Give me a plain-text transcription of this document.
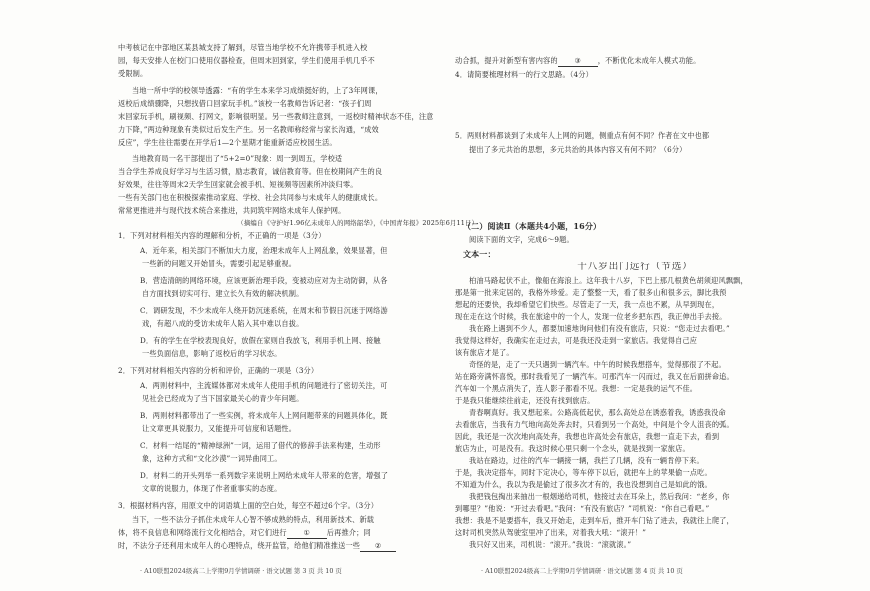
中考核记在中部地区某县城支持了解到，尽管当地学校不允许携带手机进入校
园，每天安排人在校门口使用仪器检查，但周末回到家，学生们使用手机几乎不
受限制。
当地一所中学的校领导透露：“有的学生本来学习成绩挺好的，上了3年网课，
返校后成绩骤降，只想找借口回家玩手机。”该校一名教师告诉记者：“孩子们周
末回家玩手机，刷视频、打网文，影响很明显。另一些教师注意到，一返校时精神状态不佳，注意
力下降，”两边种现象有类似过后发生产生。另一名教师称经常与家长沟通，“成效
反应”，学生往往需要在开学后1—2个星期才能重新适应校园生活。
当地教育局一名干部提出了“5+2=0”现象：周一到周五，学校适
当合学生养成良好学习与生活习惯，励志教育，诚信教育等。但在校期间产生的良
好效果，往往等周末2天学生回家就会被手机、短视频等因素所冲淡归零。
一些有关部门也在积极探索推动家庭、学校、社会共同参与未成年人的健康成长。
常常更推进并与现代技术统合来推进，共同筑牢网络未成年人保护网。
（摘编自《守护好1.96亿未成年人的网络韶华》，《中国青年报》2025年6月11日）
1．下列对材料相关内容的理解和分析，不正确的一项是（3分）
A．近年来，相关部门不断加大力度，治理未成年人上网乱象，效果显著，但
一些新的问题又开始冒头，需要引起足够重视。
B．营造清朗的网络环境，应该更新治理手段，变被动应对为主动防御，从各
自方面找到切实可行、建立长久有效的解决机制。
C．调研发现，不少未成年人绕开防沉迷系统，在周末和节假日沉迷于网络游
戏，有超八成的受访未成年人陷入其中难以自拔。
D．有的学生在学校表现良好，放假在家则自我放飞，利用手机上网、接触
一些负面信息，影响了返校后的学习状态。
2．下列对材料相关内容的分析和评价，正确的一项是（3分）
A．两则材料中，主流媒体都对未成年人使用手机的问题进行了密切关注，可
见社会已经成为了当下国家最关心的青少年问题。
B．两则材料都带出了一些实例，将未成年人上网问题带来的问题具体化，既
让文章更具说服力，又能提升可信度和话题性。
C．材料一结尾的“精神绿洲”一词，运用了借代的修辞手法来构建，生动形
象，这种方式和“文化沙漠”一词异曲同工。
D．材料二的开头列举一系列数字来说明上网给未成年人带来的危害，增强了
文章的说服力，体现了作者重事实的态度。
3．根据材料内容，用原文中的词语填上面的空白处，每空不超过6个字。（3分）
当下，一些不法分子抓住未成年人心智不够成熟的特点，利用新技术、新载
体，将不良信息和网络流行文化相结合，对它们进行 ① 后再推介；同
时，不法分子还利用未成年人的心理特点，绕开监管，给他们精准推送一些 ②
· A10联盟2024级高二上学期9月学情调研 · 语文试题 第 3 页 共 10 页
动合抓，提升对新型有害内容的 ③ ，不断优化未成年人模式功能。
4．请简要梳理材料一的行文思路。（4分）
5．两则材料都谈到了未成年人上网的问题，侧重点有何不同？作者在文中也都
提出了多元共治的思想，多元共治的具体内容又有何不同？（6分）
（二）阅读Ⅱ（本题共4小题，16分）
阅读下面的文字，完成6～9题。
文本一：
十八岁出门远行（节选）
柏油马路起伏不止，像船在海浪上。这年我十八岁，下巴上那几根黄色胡须迎风飘飘，
那是第一批来定居的，我格外珍爱。走了整整一天，看了很多山和很多云，脚比我预
想起的还要快，我却希望它们快些。尽管走了一天，我一点也不累，从早到现在，
现在走在这个时候，我在旅途中的一个人，发现一位老乡把东西，我正伸出手去接。
我在路上遇到不少人，都要加速地询问他们有没有旅店，只说：“您走过去看吧。”
我觉得这样好，我确实在走过去，可是我还没走到一家旅店。我觉得自己应
该有旅店才是了。
奇怪的是，走了一天只遇到一辆汽车。中午的时候我想搭车，觉得那很了不起。
站在路旁满怀喜悦，那时我看见了一辆汽车。可那汽车一闪而过，我又在后面拼命追。
汽车如一个黑点消失了，连人影子都看不见。我想：一定是我的运气不佳。
于是我只能继续往前走，还没有找到旅店。
青春啊真好。我又想起来。公路高低起伏，那么高处总在诱惑着我，诱惑我没命
去看旅店，当我有力气地向高处奔去时，只看到另一个高处，中间是个令人沮丧的弧。
因此，我还是一次次地向高处奔，我想也许高处会有旅店，我想一直走下去，看到
旅店为止，可是没有。我这时候心里只剩一个念头，就是找到一家旅店。
我站在路边，过往的汽车一辆接一辆，我拦了几辆，没有一辆肯停下来。
于是，我决定搭车，同时下定决心，等车停下以后，就把车上的苹果偷一点吃。
不知道为什么，我以为我是偷过了很多次才有的，我也没想到自己是如此的饿。
我把钱包掏出来抽出一根烟递给司机，他接过去在耳朵上，然后我问：“老乡，你
到哪里？”他说：“开过去看吧。”我问：“有没有旅店？”司机说：“你自己看吧。”
我想：我是不是要搭车，我又开始走，走到车后，推开车门钻了进去，我就往上爬了，
这时司机突然从驾驶室里冲了出来，对着我大吼：“滚开！”
我只好又出来，司机说：“滚开。”我说：“滚就滚。”
· A10联盟2024级高二上学期9月学情调研 · 语文试题 第 4 页 共 10 页
